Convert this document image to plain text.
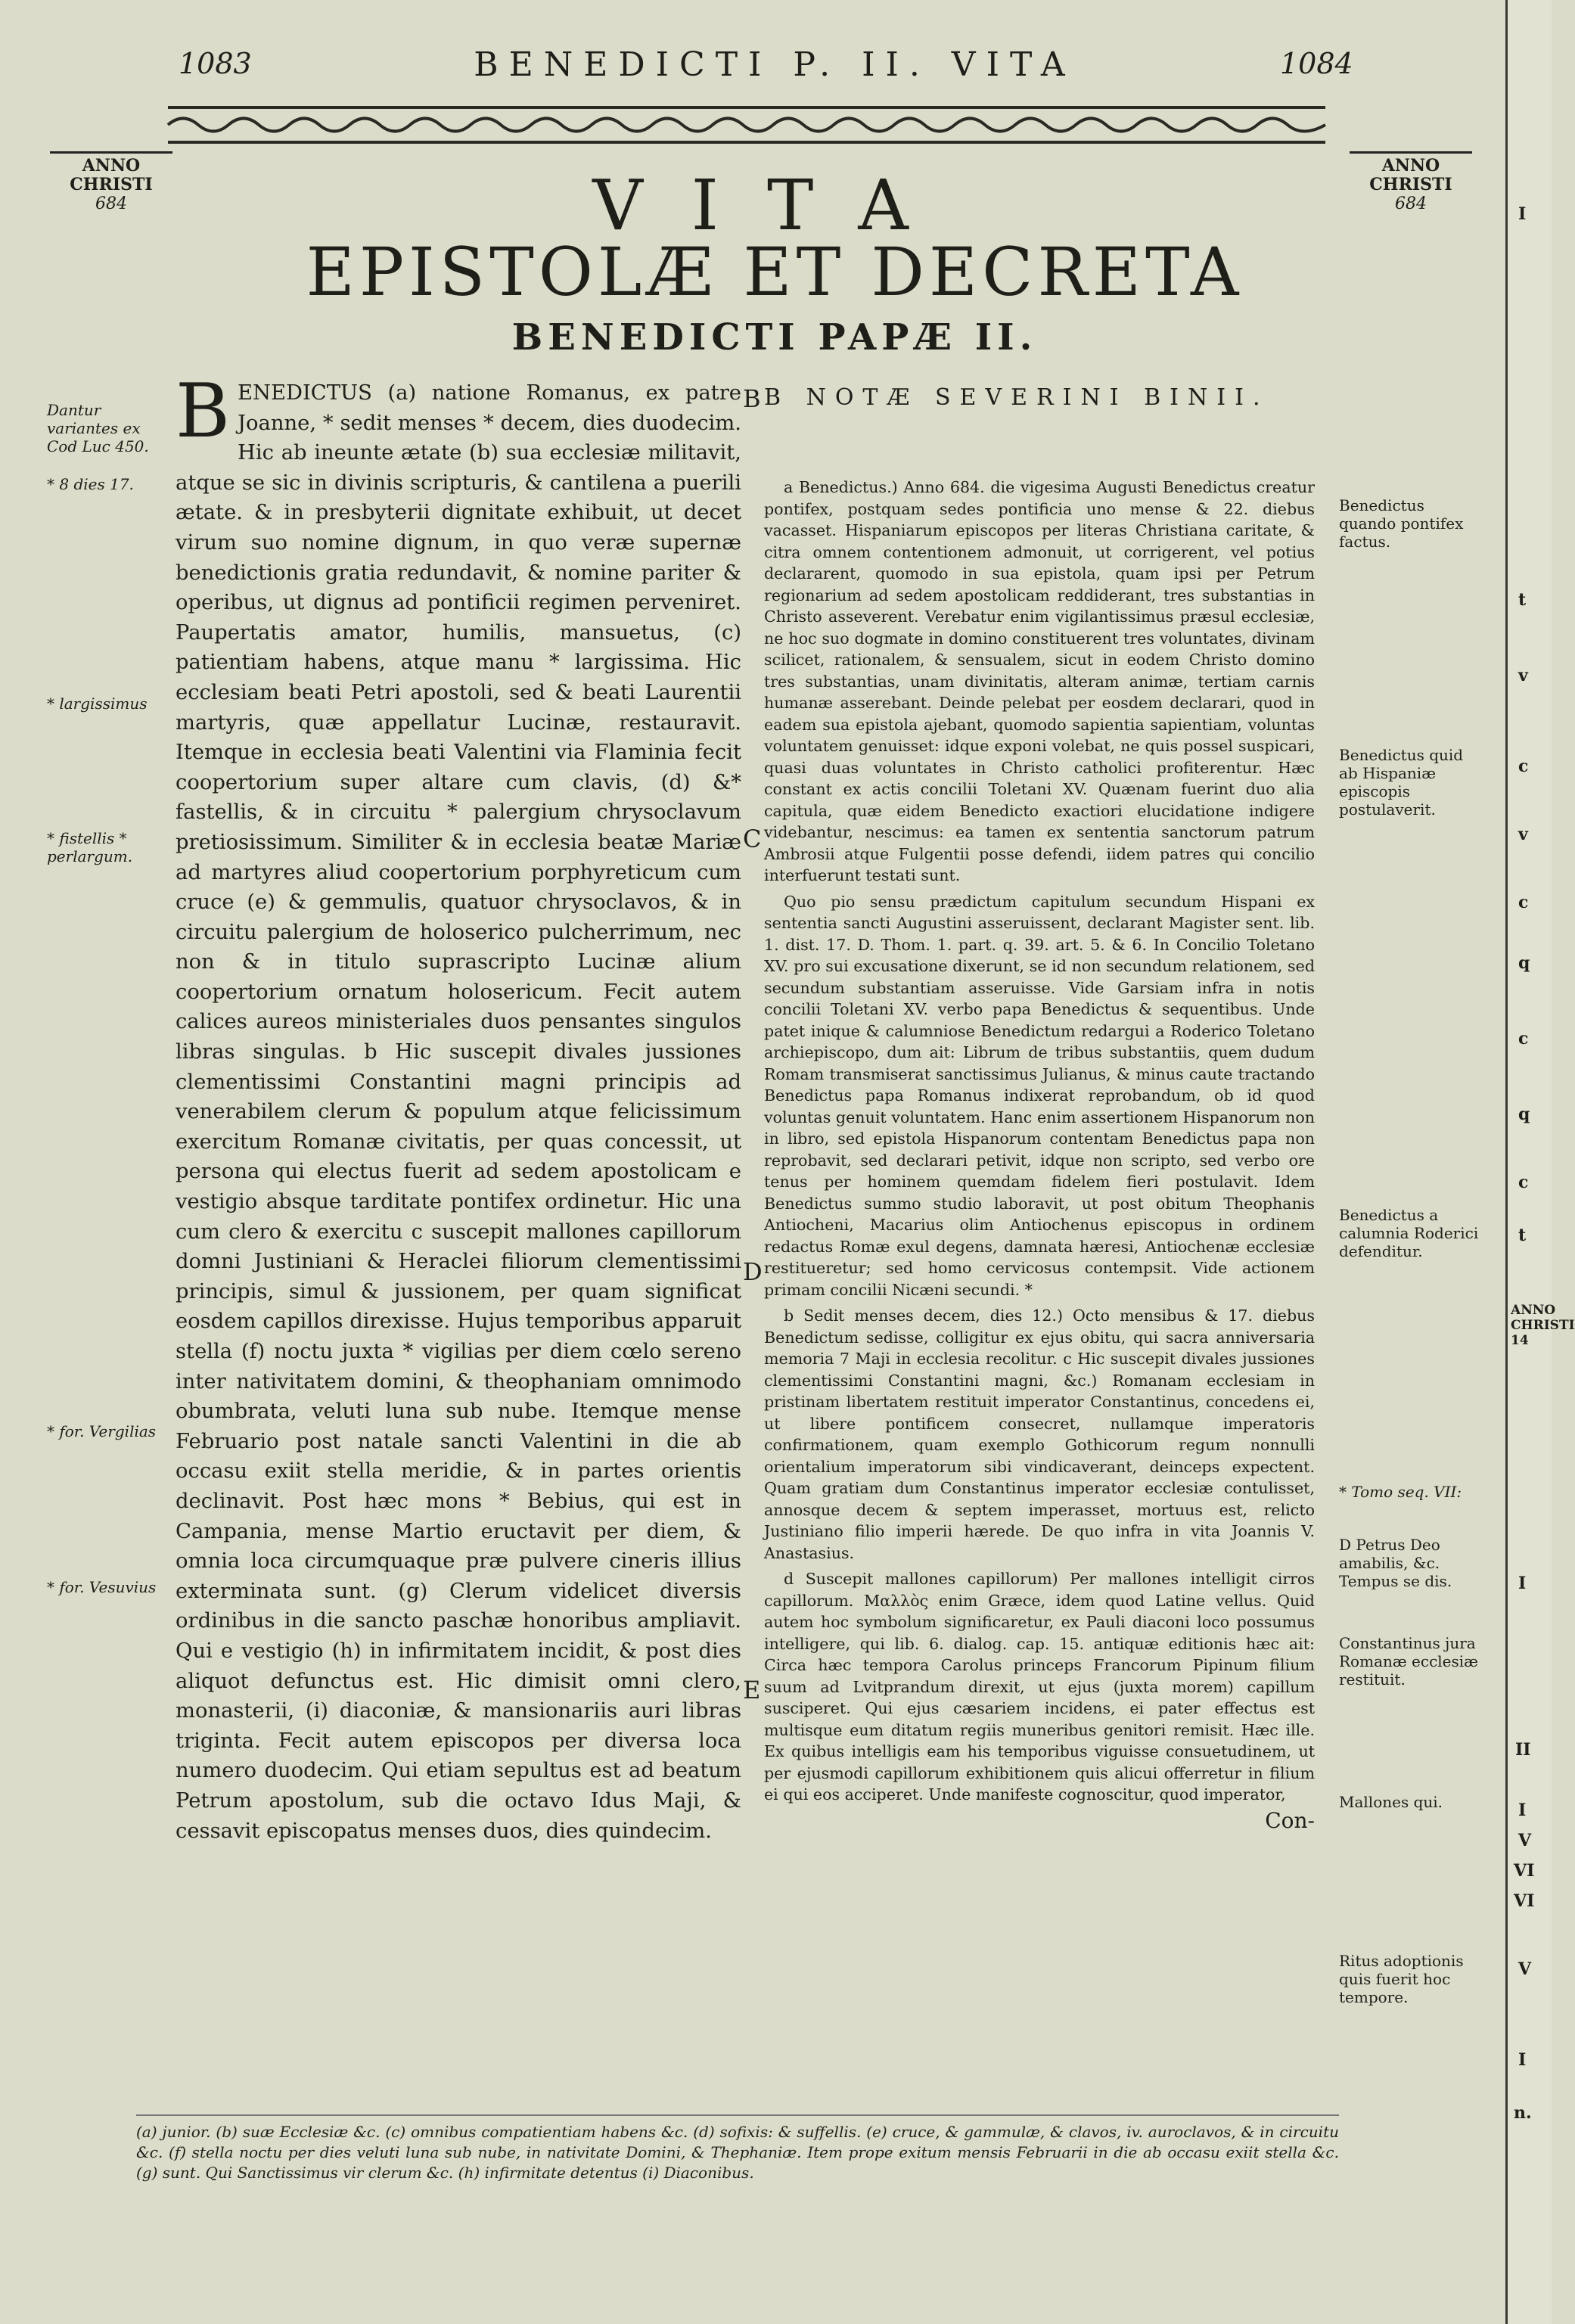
1083	BENEDICTI P. II. VITA	1084
ANNO
CHRISTI
684
ANNO
CHRISTI
684
VITA
EPISTOLÆ ET DECRETA
BENEDICTI PAPÆ II.
B ENEDICTUS (a) natione Romanus, ex patre Joanne, * sedit menses * decem, dies duodecim. Hic ab ineunte ætate (b) sua ecclesiæ militavit, atque se sic in divinis scripturis, & cantilena a puerili ætate. & in presbyterii dignitate exhibuit, ut decet virum suo nomine dignum, in quo veræ supernæ benedictionis gratia redundavit, & nomine pariter & operibus, ut dignus ad pontificii regimen perveniret. Paupertatis amator, humilis, mansuetus, (c) patientiam habens, atque manu * largissima. Hic ecclesiam beati Petri apostoli, sed & beati Laurentii martyris, quæ appellatur Lucinæ, restauravit. Itemque in ecclesia beati Valentini via Flaminia fecit coopertorium super altare cum clavis, (d) &* fastellis, & in circuitu * palergium chrysoclavum pretiosissimum. Similiter & in ecclesia beatæ Mariæ ad martyres aliud coopertorium porphyreticum cum cruce (e) & gemmulis, quatuor chrysoclavos, & in circuitu palergium de holoserico pulcherrimum, nec non & in titulo suprascripto Lucinæ alium coopertorium ornatum holosericum. Fecit autem calices aureos ministeriales duos pensantes singulos libras singulas. b Hic suscepit divales jussiones clementissimi Constantini magni principis ad venerabilem clerum & populum atque felicissimum exercitum Romanæ civitatis, per quas concessit, ut persona qui electus fuerit ad sedem apostolicam e vestigio absque tarditate pontifex ordinetur. Hic una cum clero & exercitu c suscepit mallones capillorum domni Justiniani & Heraclei filiorum clementissimi principis, simul & jussionem, per quam significat eosdem capillos direxisse. Hujus temporibus apparuit stella (f) noctu juxta * vigilias per diem cœlo sereno inter nativitatem domini, & theophaniam omnimodo obumbrata, veluti luna sub nube. Itemque mense Februario post natale sancti Valentini in die ab occasu exiit stella meridie, & in partes orientis declinavit. Post hæc mons * Bebius, qui est in Campania, mense Martio eructavit per diem, & omnia loca circumquaque præ pulvere cineris illius exterminata sunt. (g) Clerum videlicet diversis ordinibus in die sancto paschæ honoribus ampliavit. Qui e vestigio (h) in infirmitatem incidit, & post dies aliquot defunctus est. Hic dimisit omni clero, monasterii, (i) diaconiæ, & mansionariis auri libras triginta. Fecit autem episcopos per diversa loca numero duodecim. Qui etiam sepultus est ad beatum Petrum apostolum, sub die octavo Idus Maji, & cessavit episcopatus menses duos, dies quindecim.
B
C
D
E
B NOTÆ SEVERINI BINII.

a Benedictus.) Anno 684. die vigesima Augusti Benedictus creatur pontifex, postquam sedes pontificia uno mense & 22. diebus vacasset. Hispaniarum episcopos per literas Christiana caritate, & citra omnem contentionem admonuit, ut corrigerent, vel potius declararent, quomodo in sua epistola, quam ipsi per Petrum regionarium ad sedem apostolicam reddiderant, tres substantias in Christo asseverent. Verebatur enim vigilantissimus præsul ecclesiæ, ne hoc suo dogmate in domino constituerent tres voluntates, divinam scilicet, rationalem, & sensualem, sicut in eodem Christo domino tres substantias, unam divinitatis, alteram animæ, tertiam carnis humanæ asserebant. Deinde pelebat per eosdem declarari, quod in eadem sua epistola ajebant, quomodo sapientia sapientiam, voluntas voluntatem genuisset: idque exponi volebat, ne quis possel suspicari, quasi duas voluntates in Christo catholici profiterentur. Hæc constant ex actis concilii Toletani XV. Quænam fuerint duo alia capitula, quæ eidem Benedicto exactiori elucidatione indigere videbantur, nescimus: ea tamen ex sententia sanctorum patrum Ambrosii atque Fulgentii posse defendi, iidem patres qui concilio interfuerunt testati sunt.

Quo pio sensu prædictum capitulum secundum Hispani ex sententia sancti Augustini asseruissent, declarant Magister sent. lib. 1. dist. 17. D. Thom. 1. part. q. 39. art. 5. & 6. In Concilio Toletano XV. pro sui excusatione dixerunt, se id non secundum relationem, sed secundum substantiam asseruisse. Vide Garsiam infra in notis concilii Toletani XV. verbo papa Benedictus & sequentibus. Unde patet inique & calumniose Benedictum redargui a Roderico Toletano archiepiscopo, dum ait: Librum de tribus substantiis, quem dudum Romam transmiserat sanctissimus Julianus, & minus caute tractando Benedictus papa Romanus indixerat reprobandum, ob id quod voluntas genuit voluntatem. Hanc enim assertionem Hispanorum non in libro, sed epistola Hispanorum contentam Benedictus papa non reprobavit, sed declarari petivit, idque non scripto, sed verbo ore tenus per hominem quemdam fidelem fieri postulavit. Idem Benedictus summo studio laboravit, ut post obitum Theophanis Antiocheni, Macarius olim Antiochenus episcopus in ordinem redactus Romæ exul degens, damnata hæresi, Antiochenæ ecclesiæ restitueretur; sed homo cervicosus contempsit. Vide actionem primam concilii Nicæni secundi. *

b Sedit menses decem, dies 12.) Octo mensibus & 17. diebus Benedictum sedisse, colligitur ex ejus obitu, qui sacra anniversaria memoria 7 Maji in ecclesia recolitur. c Hic suscepit divales jussiones clementissimi Constantini magni, &c.) Romanam ecclesiam in pristinam libertatem restituit imperator Constantinus, concedens ei, ut libere pontificem consecret, nullamque imperatoris confirmationem, quam exemplo Gothicorum regum nonnulli orientalium imperatorum sibi vindicaverant, deinceps expectent. Quam gratiam dum Constantinus imperator ecclesiæ contulisset, annosque decem & septem imperasset, mortuus est, relicto Justiniano filio imperii hærede. De quo infra in vita Joannis V. Anastasius.

d Suscepit mallones capillorum) Per mallones intelligit cirros capillorum. Μαλλὸς enim Græce, idem quod Latine vellus. Quid autem hoc symbolum significaretur, ex Pauli diaconi loco possumus intelligere, qui lib. 6. dialog. cap. 15. antiquæ editionis hæc ait: Circa hæc tempora Carolus princeps Francorum Pipinum filium suum ad Lvitprandum direxit, ut ejus (juxta morem) capillum susciperet. Qui ejus cæsariem incidens, ei pater effectus est multisque eum ditatum regiis muneribus genitori remisit. Hæc ille. Ex quibus intelligis eam his temporibus viguisse consuetudinem, ut per ejusmodi capillorum exhibitionem quis alicui offerretur in filium ei qui eos acciperet. Unde manifeste cognoscitur, quod imperator,

Con-

Dantur variantes ex Cod Luc 450.
* 8 dies 17.
* largissimus
* fistellis * perlargum.
* for. Vergilias
* for. Vesuvius
Benedictus quando pontifex factus.
Benedictus quid ab Hispaniæ episcopis postulaverit.
Benedictus a calumnia Roderici defenditur.
* Tomo seq. VII:
D Petrus Deo amabilis, &c. Tempus se dis.
Constantinus jura Romanæ ecclesiæ restituit.
Mallones qui.
Ritus adoptionis quis fuerit hoc tempore.
(a) junior. (b) suæ Ecclesiæ &c. (c) omnibus compatientiam habens &c. (d) sofixis: & suffellis. (e) cruce, & gammulæ, & clavos, iv. auroclavos, & in circuitu &c. (f) stella noctu per dies veluti luna sub nube, in nativitate Domini, & Thephaniæ. Item prope exitum mensis Februarii in die ab occasu exiit stella &c. (g) sunt. Qui Sanctissimus vir clerum &c. (h) infirmitate detentus (i) Diaconibus.
ANNO CHRISTI 14
I
t
v
c
v
c
q
c
q
c
t
I
II
I
V
VI
VI
V
I
n.
